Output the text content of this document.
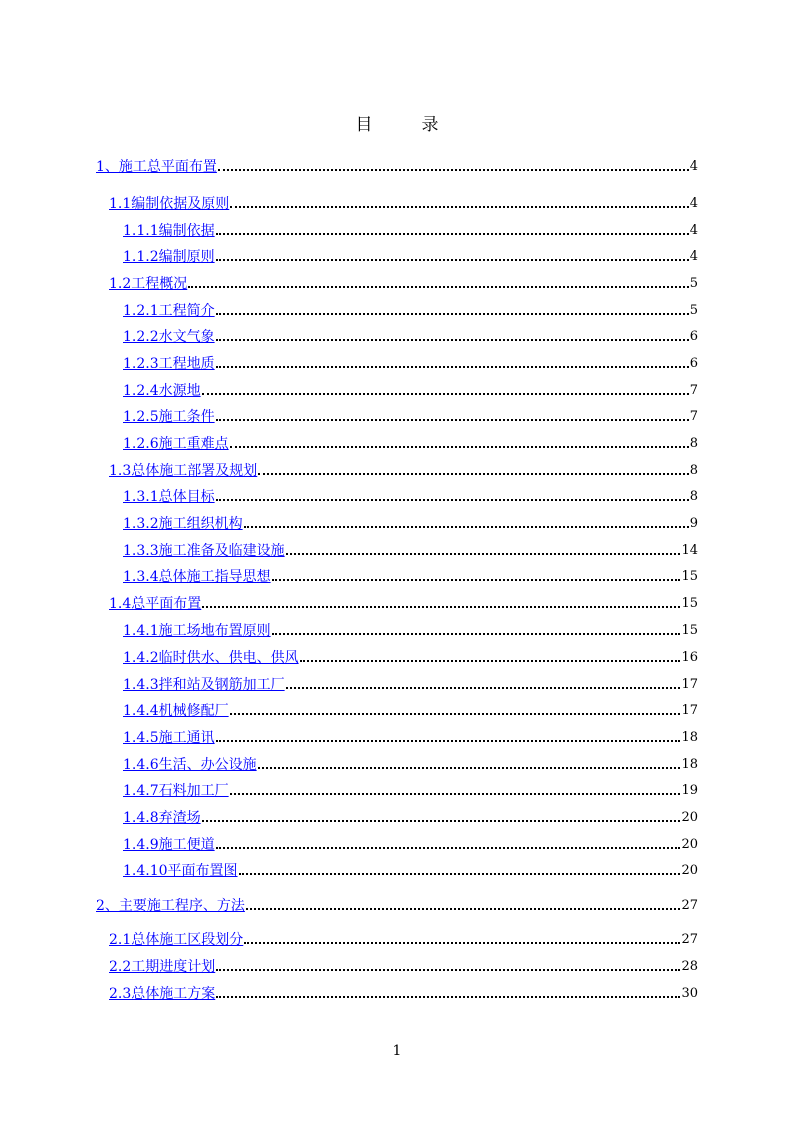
目　录
1、施工总平面布置	4
1.1编制依据及原则	4
1.1.1编制依据	4
1.1.2编制原则	4
1.2工程概况	5
1.2.1工程简介	5
1.2.2水文气象	6
1.2.3工程地质	6
1.2.4水源地	7
1.2.5施工条件	7
1.2.6施工重难点	8
1.3总体施工部署及规划	8
1.3.1总体目标	8
1.3.2施工组织机构	9
1.3.3施工准备及临建设施	14
1.3.4总体施工指导思想	15
1.4总平面布置	15
1.4.1施工场地布置原则	15
1.4.2临时供水、供电、供风	16
1.4.3拌和站及钢筋加工厂	17
1.4.4机械修配厂	17
1.4.5施工通讯	18
1.4.6生活、办公设施	18
1.4.7石料加工厂	19
1.4.8弃渣场	20
1.4.9施工便道	20
1.4.10平面布置图	20
2、主要施工程序、方法	27
2.1总体施工区段划分	27
2.2工期进度计划	28
2.3总体施工方案	30
1
